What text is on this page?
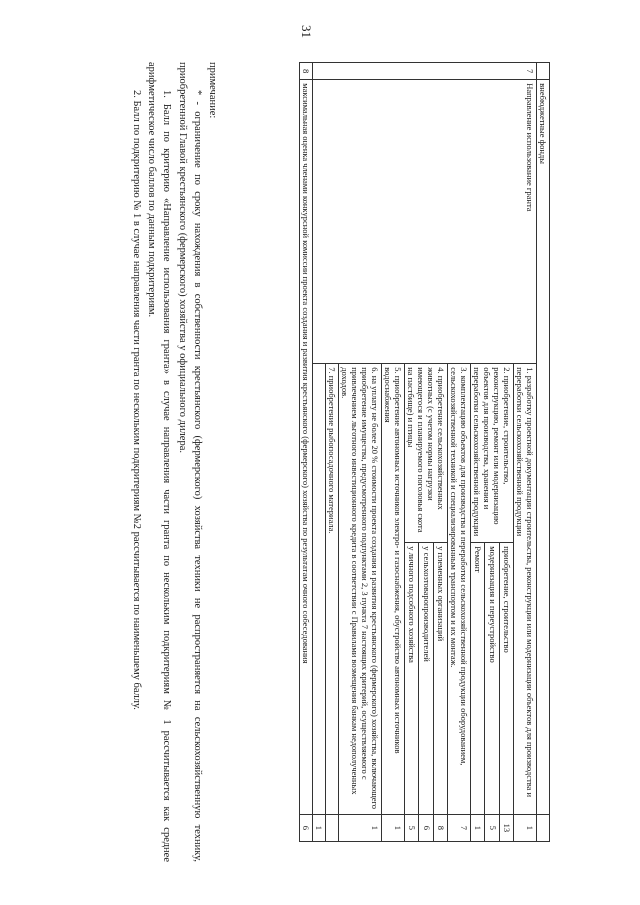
31
	внебюджетные фонды			
7	Направление использование гранта	1. разработку проектной документации строительства, реконструкции или модернизации объектов для производства и переработки сельскохозяйственной продукции		1
		2. приобретение, строительство, реконструкцию, ремонт или модернизацию объектов для производства, хранения и переработки сельскохозяйственной продукции	приобретение, строительство	13
			модернизация и переустройство	5
			Ремонт	1
		3. комплектацию объектов для производства и переработки сельскохозяйственной продукции оборудованием, сельскохозяйственной техникой и специализированным транспортом и их монтаж.		7
		4. приобретение сельскохозяйственных животных (с учетом нормы нагрузки имеющегося и планируемого поголовья скота на пастбище) и птицы	у племенных организаций	8
			у сельхозтоваропроизводителей	6
			у личного подсобного хозяйства	5
		5. приобретение автономных источников электро- и газоснабжения, обустройство автономных источников водоснабжения		1
		6. на уплату не более 20 % стоимости проекта создания и развития крестьянского (фермерского) хозяйства, включающего приобретение имущества, предусмотренного подпунктами 2, 3 пункта 7 настоящих критерий, осуществляемого с привлечением льготного инвестиционного кредита в соответствии с Правилами возмещения банкам недополученных доходов.		1
		7. приобретение рыбопосадочного материала.		
				1
8	максимальная оценка членами конкурсной комиссии проекта создания и развития крестьянского (фермерского) хозяйства по результатам очного собеседования			6

примечание:

* - ограничение по сроку нахождения в собственности крестьянского (фермерского) хозяйства техники не распространяется на сельскохозяйственную технику, приобретенной Главой крестьянского (фермерского) хозяйства у официального дилера.

1. Балл по критерию «Направление использования гранта» в случае направления части гранта по нескольким подкритериям № 1 рассчитывается как среднее арифметическое число баллов по данным подкритериям.

2. Балл по подкритерию № 1 в случае направления части гранта по нескольким подкритериям №2 рассчитывается по наименьшему баллу.
